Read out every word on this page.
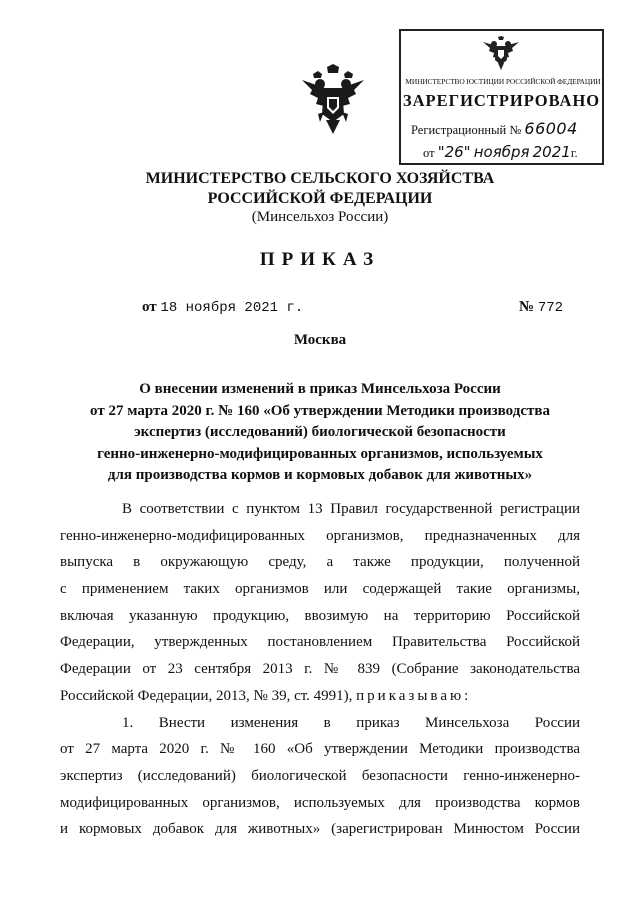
МИНИСТЕРСТВО ЮСТИЦИИ РОССИЙСКОЙ ФЕДЕРАЦИИ
ЗАРЕГИСТРИРОВАНО
Регистрационный № 66004
от "26" ноября 2021г.
МИНИСТЕРСТВО СЕЛЬСКОГО ХОЗЯЙСТВА
РОССИЙСКОЙ ФЕДЕРАЦИИ
(Минсельхоз России)
ПРИКАЗ
от 18 ноября 2021 г.	№ 772
Москва
О внесении изменений в приказ Минсельхоза России
от 27 марта 2020 г. № 160 «Об утверждении Методики производства
экспертиз (исследований) биологической безопасности
генно-инженерно-модифицированных организмов, используемых
для производства кормов и кормовых добавок для животных»
В соответствии с пунктом 13 Правил государственной регистрации
генно-инженерно-модифицированных организмов, предназначенных для
выпуска в окружающую среду, а также продукции, полученной
с применением таких организмов или содержащей такие организмы,
включая указанную продукцию, ввозимую на территорию Российской
Федерации, утвержденных постановлением Правительства Российской
Федерации от 23 сентября 2013 г. № 839 (Собрание законодательства
Российской Федерации, 2013, № 39, ст. 4991), приказываю:
1. Внести изменения в приказ Минсельхоза России
от 27 марта 2020 г. № 160 «Об утверждении Методики производства
экспертиз (исследований) биологической безопасности генно-инженерно-
модифицированных организмов, используемых для производства кормов
и кормовых добавок для животных» (зарегистрирован Минюстом России
